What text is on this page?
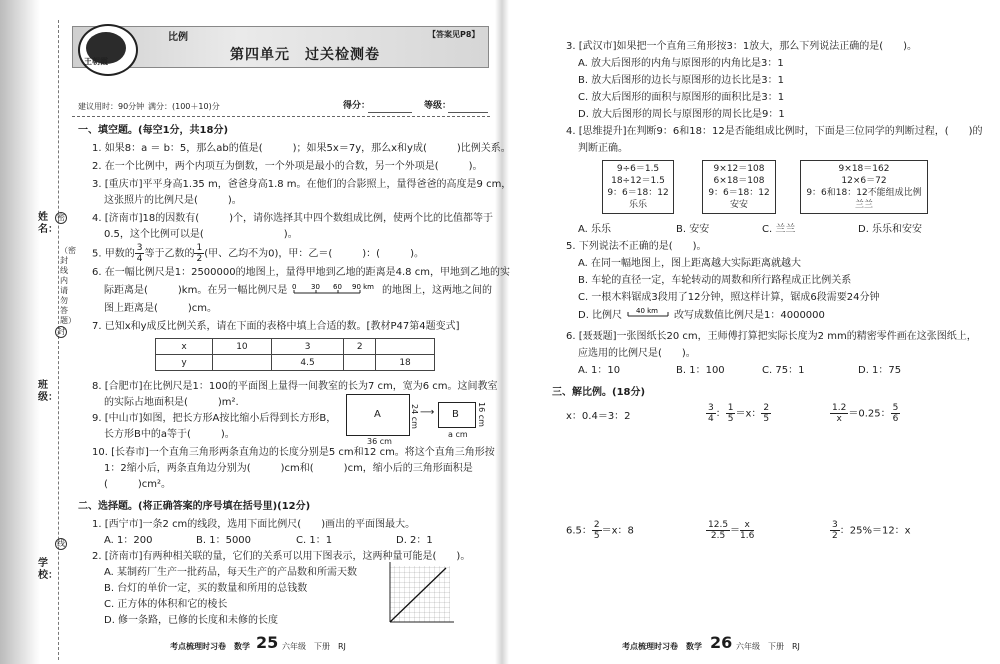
王朝霞
比例
第四单元　过关检测卷
【答案见P8】
建议用时：90分钟 满分：(100＋10)分	得分：	等级：
姓名：
（密封线内请勿答题）
密
封
线
班级：
学校：
一、填空题。(每空1分，共18分)
1. 如果8：a ＝ b：5，那么ab的值是(　　　)；如果5x＝7y，那么x和y成(　　　)比例关系。
2. 在一个比例中，两个内项互为倒数，一个外项是最小的合数，另一个外项是(　　　)。
3. [重庆市]平平身高1.35 m，爸爸身高1.8 m。在他们的合影照上，量得爸爸的高度是9 cm，
这张照片的比例尺是(　　　)。
4. [济南市]18的因数有(　　　)个，请你选择其中四个数组成比例，使两个比的比值都等于
0.5，这个比例可以是(　　　　　　　　)。
5. 甲数的 $\frac{3}{4}$ 等于乙数的 $\frac{1}{2}$ (甲、乙均不为0)，甲：乙＝(　　　)：(　　　)。
6. 在一幅比例尺是1：2500000的地图上，量得甲地到乙地的距离是4.8 cm，甲地到乙地的实
际距离是(　　　)km。在另一幅比例尺是 0 30 60 90 km 的地图上，这两地之间的
图上距离是(　　　)cm。
7. 已知x和y成反比例关系，请在下面的表格中填上合适的数。[教材P47第4题变式]
x	10	3	2	
y		4.5		18
8. [合肥市]在比例尺是1：100的平面图上量得一间教室的长为7 cm，宽为6 cm。这间教室
的实际占地面积是(　　　)m².
9. [中山市]如图，把长方形A按比缩小后得到长方形B，
长方形B中的a等于(　　　)。
A	24 cm
36 cm
⟶ B 16 cm
a cm
10. [长春市]一个直角三角形两条直角边的长度分别是5 cm和12 cm。将这个直角三角形按
1：2缩小后，两条直角边分别为(　　　)cm和(　　　)cm，缩小后的三角形面积是
(　　　)cm²。
二、选择题。(将正确答案的序号填在括号里)(12分)
1. [西宁市]一条2 cm的线段，选用下面比例尺(　　)画出的平面图最大。
A. 1：200	B. 1：5000	C. 1：1	D. 2：1
2. [济南市]有两种相关联的量，它们的关系可以用下图表示，这两种量可能是(　　)。
A. 某制药厂生产一批药品，每天生产的产品数和所需天数
B. 台灯的单价一定，买的数量和所用的总钱数
C. 正方体的体积和它的棱长
D. 修一条路，已修的长度和未修的长度
考点梳理时习卷　数学 25 六年级　下册　RJ
3. [武汉市]如果把一个直角三角形按3：1放大，那么下列说法正确的是(　　)。
A. 放大后图形的内角与原图形的内角比是3：1
B. 放大后图形的边长与原图形的边长比是3：1
C. 放大后图形的面积与原图形的面积比是3：1
D. 放大后图形的周长与原图形的周长比是9：1
4. [思维提升]在判断9：6和18：12是否能组成比例时，下面是三位同学的判断过程，(　　)的
判断正确。
9÷6＝1.5
18÷12＝1.5
9：6＝18：12
乐乐
9×12＝108
6×18＝108
9：6＝18：12
安安
9×18＝162
12×6＝72
9：6和18：12不能组成比例
兰兰
A. 乐乐	B. 安安	C. 兰兰	D. 乐乐和安安
5. 下列说法不正确的是(　　)。
A. 在同一幅地图上，图上距离越大实际距离就越大
B. 车轮的直径一定，车轮转动的周数和所行路程成正比例关系
C. 一根木料锯成3段用了12分钟，照这样计算，锯成6段需要24分钟
D. 比例尺 40 km 改写成数值比例尺是1：4000000
6. [聂聂题]一张图纸长20 cm，王师傅打算把实际长度为2 mm的精密零件画在这张图纸上，
应选用的比例尺是(　　)。
A. 1：10	B. 1：100	C. 75：1	D. 1：75
三、解比例。(18分)
x：0.4＝3：2	$\frac{3}{4}$ ： $\frac{1}{5} =x$： $\frac{2}{5}$	$\frac{1.2}{x} =0.25$： $\frac{5}{6}$
6.5： $\frac{2}{5} =x$：8	$\frac{12.5}{2.5} = \frac{x}{1.6}$	$\frac{3}{2}$ ：25%＝12：x
考点梳理时习卷　数学 26 六年级　下册　RJ
